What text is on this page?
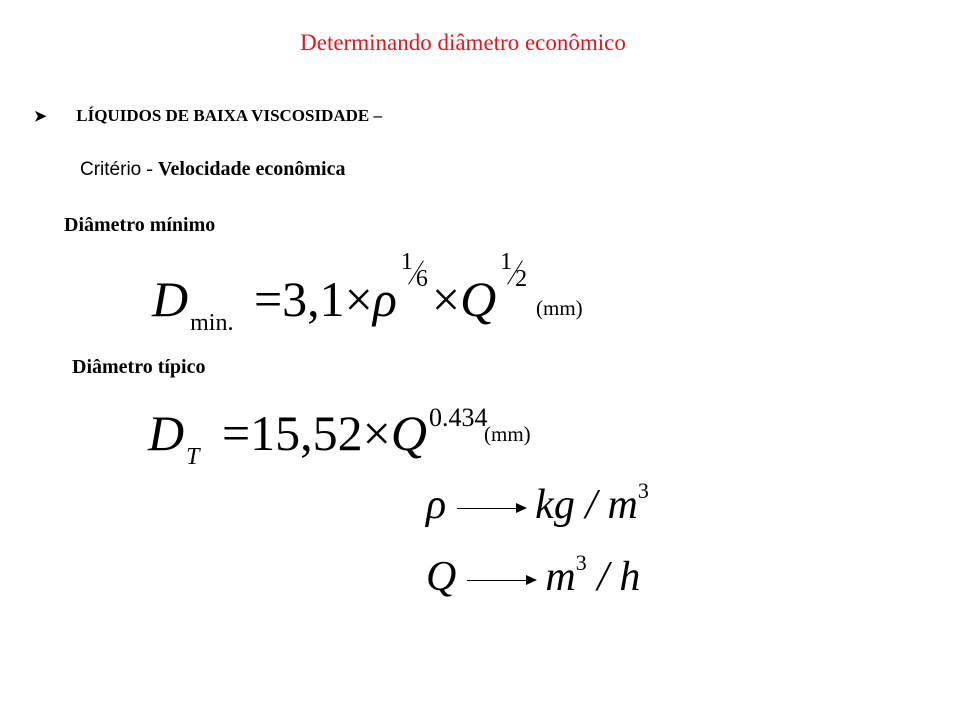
Determinando diâmetro econômico
➤ LÍQUIDOS DE BAIXA VISCOSIDADE –
Critério - Velocidade econômica
Diâmetro mínimo
$D_{min.} =3,1\times\rho$
1
6 ×Q
1
2
(mm)
Diâmetro típico
$D_T =15,52\times Q^{0.434}$
(mm)
ρ kg / $m^3$
Q $m^3$ / h
